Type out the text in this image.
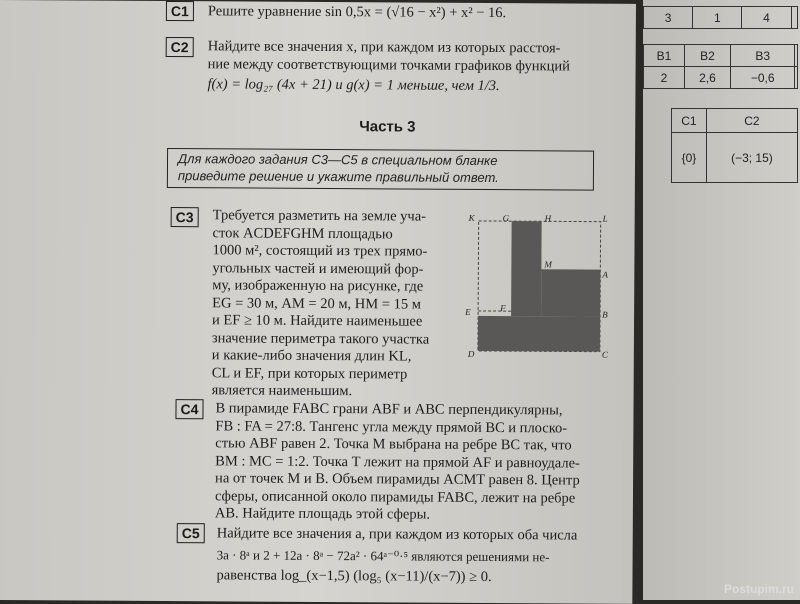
C1	Решите уравнение sin 0,5x = (√16 − x²) + x² − 16.
C2	Найдите все значения x, при каждом из которых расстоя-
ние между соответствующими точками графиков функций
f(x) = log₂₇ (4x + 21) и g(x) = 1 меньше, чем 1/3.
Часть 3
Для каждого задания С3—С5 в специальном бланке
приведите решение и укажите правильный ответ.
C3	Требуется разметить на земле уча-
сток ACDEFGHM площадью
1000 м², состоящий из трех прямо-
угольных частей и имеющий фор-
му, изображенную на рисунке, где
EG = 30 м, AM = 20 м, HM = 15 м
и EF ≥ 10 м. Найдите наименьшее
значение периметра такого участка
и какие-либо значения длин KL,
CL и EF, при которых периметр
является наименьшим.
K	G	H	L
M
A
E	F
B
D	C
C4	В пирамиде FABC грани ABF и ABC перпендикулярны,
FB : FA = 27:8. Тангенс угла между прямой BC и плоско-
стью ABF равен 2. Точка M выбрана на ребре BC так, что
BM : MC = 1:2. Точка T лежит на прямой AF и равноудале-
на от точек M и B. Объем пирамиды ACMT равен 8. Центр
сферы, описанной около пирамиды FABC, лежит на ребре
AB. Найдите площадь этой сферы.
C5	Найдите все значения a, при каждом из которых оба числа
3a · 8ᵃ и 2 + 12a · 8ᵃ − 72a² · 64ᵃ⁻⁰·⁵ являются решениями не-
равенства log_(x−1,5) (log₅ (x−11)/(x−7)) ≥ 0.
3	1	4	
B1	B2	B3	
2	2,6	−0,6	
C1	C2
{0}	(−3; 15)
Postupim.ru
